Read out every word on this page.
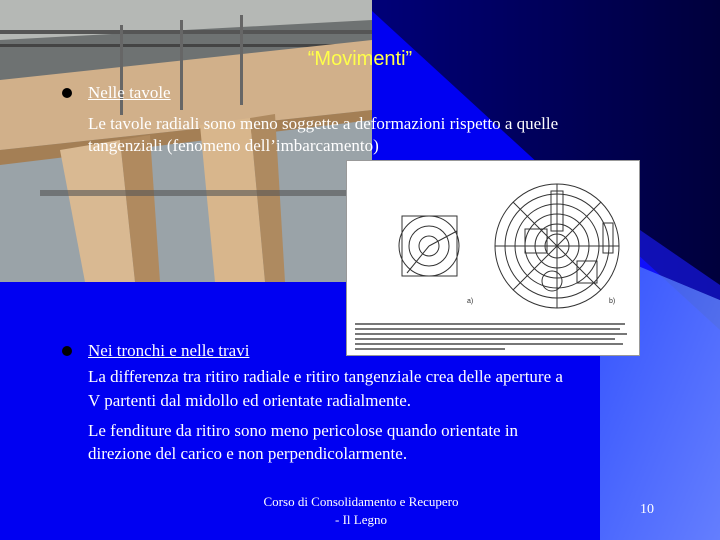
a)	b)
“Movimenti”
Nelle tavole
Le tavole radiali sono meno soggette a deformazioni rispetto a quelle
tangenziali (fenomeno dell’imbarcamento)
Nei tronchi e nelle travi
La differenza tra ritiro radiale e ritiro tangenziale crea delle aperture a
V partenti dal midollo ed orientate radialmente.
Le fenditure da ritiro sono meno pericolose quando orientate in
direzione del carico e non perpendicolarmente.
Corso di Consolidamento e Recupero
- Il Legno
10
